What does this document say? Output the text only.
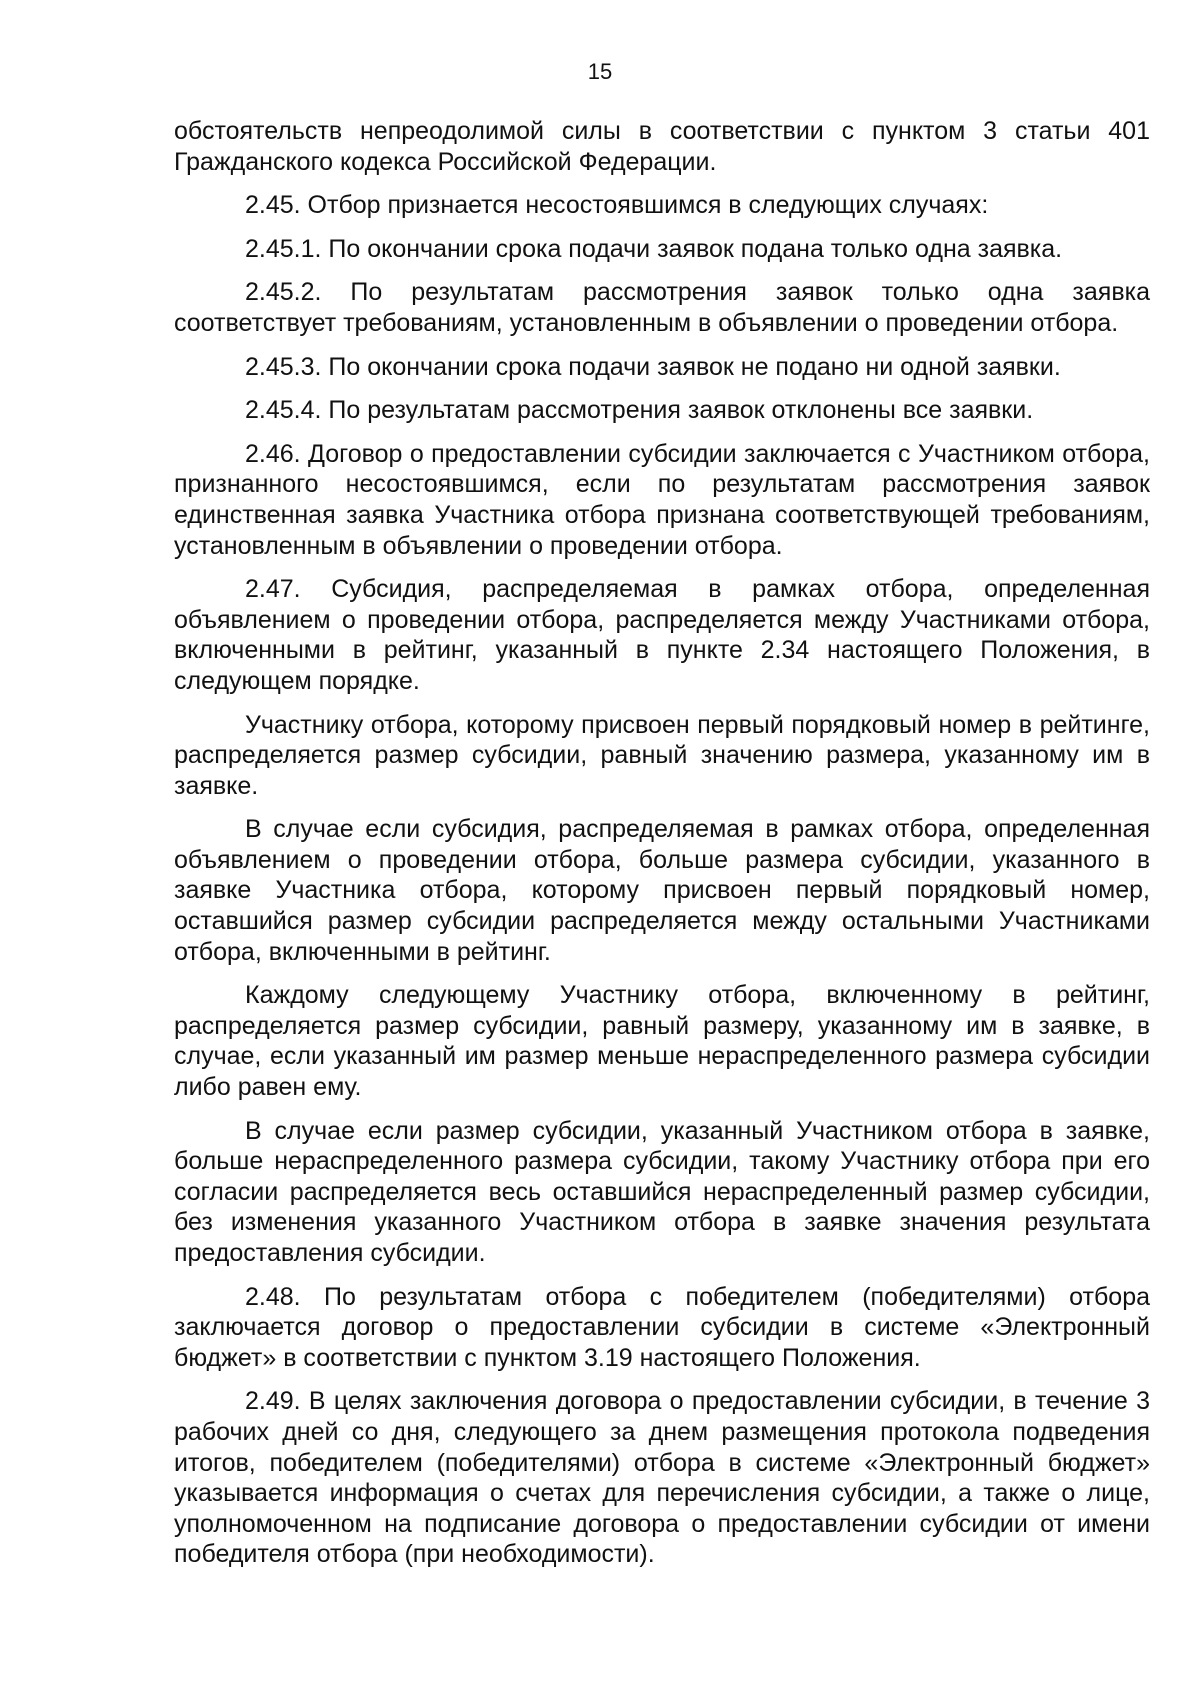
15

обстоятельств непреодолимой силы в соответствии с пунктом 3 статьи 401 Гражданского кодекса Российской Федерации.

2.45. Отбор признается несостоявшимся в следующих случаях:

2.45.1. По окончании срока подачи заявок подана только одна заявка.

2.45.2. По результатам рассмотрения заявок только одна заявка соответствует требованиям, установленным в объявлении о проведении отбора.

2.45.3. По окончании срока подачи заявок не подано ни одной заявки.

2.45.4. По результатам рассмотрения заявок отклонены все заявки.

2.46. Договор о предоставлении субсидии заключается с Участником отбора, признанного несостоявшимся, если по результатам рассмотрения заявок единственная заявка Участника отбора признана соответствующей требованиям, установленным в объявлении о проведении отбора.

2.47. Субсидия, распределяемая в рамках отбора, определенная объявлением о проведении отбора, распределяется между Участниками отбора, включенными в рейтинг, указанный в пункте 2.34 настоящего Положения, в следующем порядке.

Участнику отбора, которому присвоен первый порядковый номер в рейтинге, распределяется размер субсидии, равный значению размера, указанному им в заявке.

В случае если субсидия, распределяемая в рамках отбора, определенная объявлением о проведении отбора, больше размера субсидии, указанного в заявке Участника отбора, которому присвоен первый порядковый номер, оставшийся размер субсидии распределяется между остальными Участниками отбора, включенными в рейтинг.

Каждому следующему Участнику отбора, включенному в рейтинг, распределяется размер субсидии, равный размеру, указанному им в заявке, в случае, если указанный им размер меньше нераспределенного размера субсидии либо равен ему.

В случае если размер субсидии, указанный Участником отбора в заявке, больше нераспределенного размера субсидии, такому Участнику отбора при его согласии распределяется весь оставшийся нераспределенный размер субсидии, без изменения указанного Участником отбора в заявке значения результата предоставления субсидии.

2.48. По результатам отбора с победителем (победителями) отбора заключается договор о предоставлении субсидии в системе «Электронный бюджет» в соответствии с пунктом 3.19 настоящего Положения.

2.49. В целях заключения договора о предоставлении субсидии, в течение 3 рабочих дней со дня, следующего за днем размещения протокола подведения итогов, победителем (победителями) отбора в системе «Электронный бюджет» указывается информация о счетах для перечисления субсидии, а также о лице, уполномоченном на подписание договора о предоставлении субсидии от имени победителя отбора (при необходимости).
